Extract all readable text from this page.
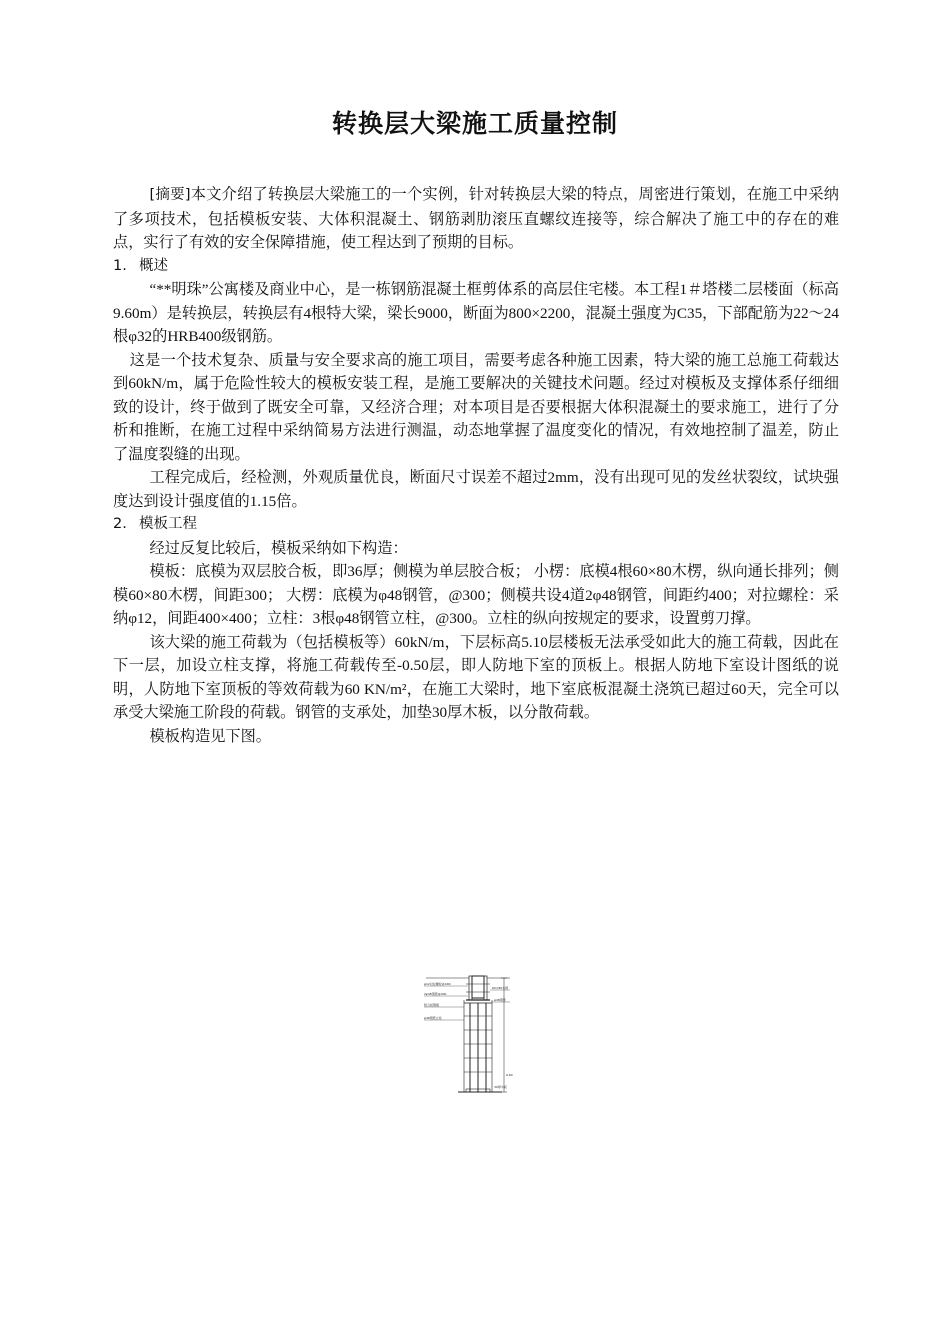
转换层大梁施工质量控制

[摘要]本文介绍了转换层大梁施工的一个实例，针对转换层大梁的特点，周密进行策划，在施工中采纳了多项技术，包括模板安装、大体积混凝土、钢筋剥肋滚压直螺纹连接等，综合解决了施工中的存在的难点，实行了有效的安全保障措施，使工程达到了预期的目标。

1. 概述

“**明珠”公寓楼及商业中心，是一栋钢筋混凝土框剪体系的高层住宅楼。本工程1＃塔楼二层楼面（标高9.60m）是转换层，转换层有4根特大梁，梁长9000，断面为800×2200，混凝土强度为C35，下部配筋为22～24根φ32的HRB400级钢筋。

这是一个技术复杂、质量与安全要求高的施工项目，需要考虑各种施工因素，特大梁的施工总施工荷载达到60kN/m，属于危险性较大的模板安装工程，是施工要解决的关键技术问题。经过对模板及支撑体系仔细细致的设计，终于做到了既安全可靠，又经济合理；对本项目是否要根据大体积混凝土的要求施工，进行了分析和推断，在施工过程中采纳简易方法进行测温，动态地掌握了温度变化的情况，有效地控制了温差，防止了温度裂缝的出现。

工程完成后，经检测，外观质量优良，断面尺寸误差不超过2mm，没有出现可见的发丝状裂纹，试块强度达到设计强度值的1.15倍。

2. 模板工程

经过反复比较后，模板采纳如下构造：

模板：底模为双层胶合板，即36厚；侧模为单层胶合板； 小楞：底模4根60×80木楞，纵向通长排列；侧模60×80木楞，间距300； 大楞：底模为φ48钢管，@300；侧模共设4道2φ48钢管，间距约400；对拉螺栓：采纳φ12，间距400×400；立柱：3根φ48钢管立柱，@300。立柱的纵向按规定的要求，设置剪刀撑。

该大梁的施工荷载为（包括模板等）60kN/m，下层标高5.10层楼板无法承受如此大的施工荷载，因此在下一层，加设立柱支撑，将施工荷载传至-0.50层，即人防地下室的顶板上。根据人防地下室设计图纸的说明，人防地下室顶板的等效荷载为60 KN/m²，在施工大梁时，地下室底板混凝土浇筑已超过60天，完全可以承受大梁施工阶段的荷载。钢管的支承处，加垫30厚木板，以分散荷载。

模板构造见下图。

φ12对拉螺栓@400
2φ48钢管@400
胶合板侧模
φ48钢管立柱
60×80木楞
φ48钢管
30厚木板
9.60
